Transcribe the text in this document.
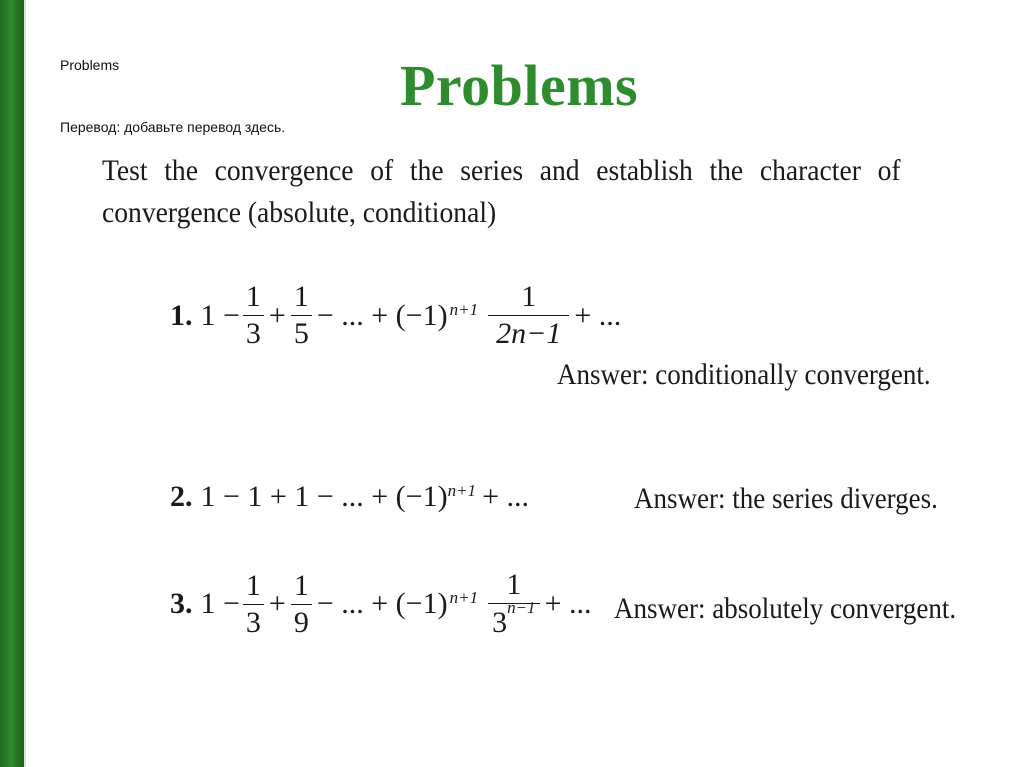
Problems
Перевод: добавьте перевод здесь.
Problems
Test the convergence of the series and establish the character of convergence (absolute, conditional)
1. $1 - \frac{1}{3} + \frac{1}{5}$ − ... + $(-1)^{n+1} \frac{1}{2n-1}$ + ...
Answer: conditionally convergent.
2. 1 − 1 + 1 − ... + $(-1)^{n+1}$ + ...	Answer: the series diverges.
3. $1 - \frac{1}{3} + \frac{1}{9}$ − ... + $(-1)^{n+1} \frac{1}{3^{n-1}}$ + ... Answer: absolutely convergent.
